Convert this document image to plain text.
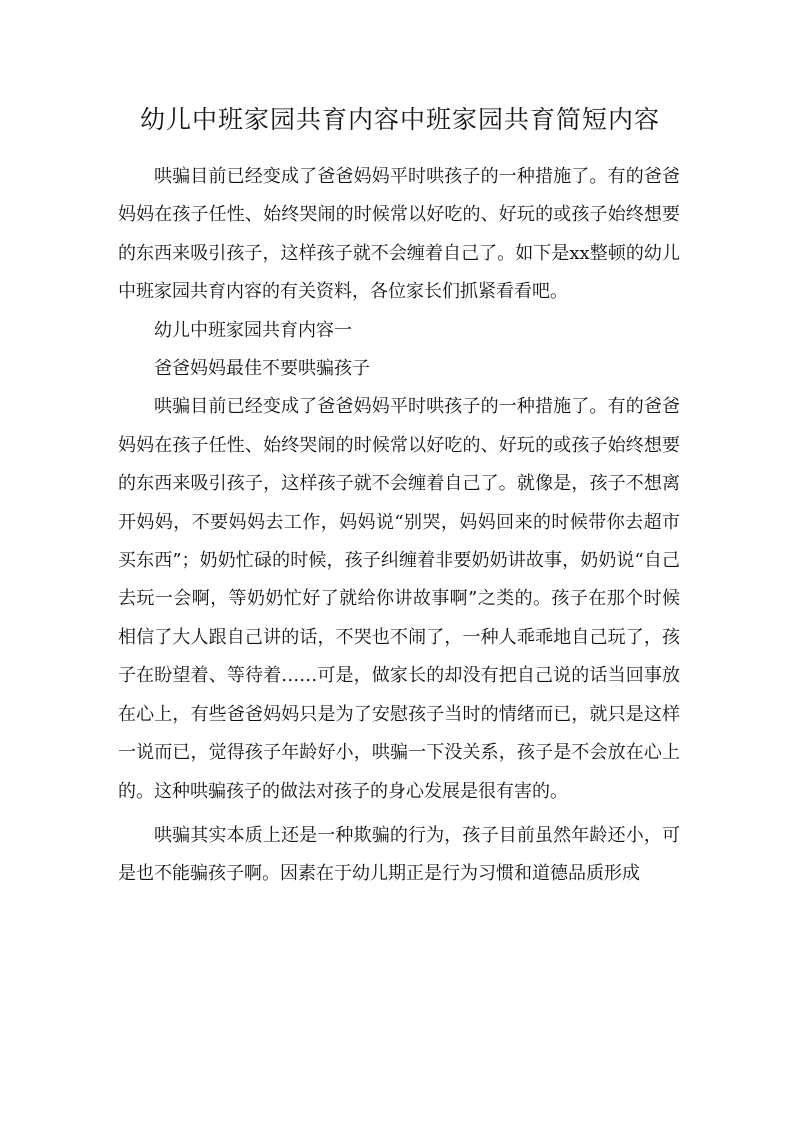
幼儿中班家园共育内容中班家园共育简短内容

哄骗目前已经变成了爸爸妈妈平时哄孩子的一种措施了。有的爸爸妈妈在孩子任性、始终哭闹的时候常以好吃的、好玩的或孩子始终想要的东西来吸引孩子，这样孩子就不会缠着自己了。如下是xx整顿的幼儿中班家园共育内容的有关资料，各位家长们抓紧看看吧。

幼儿中班家园共育内容一

爸爸妈妈最佳不要哄骗孩子

哄骗目前已经变成了爸爸妈妈平时哄孩子的一种措施了。有的爸爸妈妈在孩子任性、始终哭闹的时候常以好吃的、好玩的或孩子始终想要的东西来吸引孩子，这样孩子就不会缠着自己了。就像是，孩子不想离开妈妈，不要妈妈去工作，妈妈说“别哭，妈妈回来的时候带你去超市买东西”；奶奶忙碌的时候，孩子纠缠着非要奶奶讲故事，奶奶说“自己去玩一会啊，等奶奶忙好了就给你讲故事啊”之类的。孩子在那个时候相信了大人跟自己讲的话，不哭也不闹了，一种人乖乖地自己玩了，孩子在盼望着、等待着……可是，做家长的却没有把自己说的话当回事放在心上，有些爸爸妈妈只是为了安慰孩子当时的情绪而已，就只是这样一说而已，觉得孩子年龄好小，哄骗一下没关系，孩子是不会放在心上的。这种哄骗孩子的做法对孩子的身心发展是很有害的。

哄骗其实本质上还是一种欺骗的行为，孩子目前虽然年龄还小，可是也不能骗孩子啊。因素在于幼儿期正是行为习惯和道德品质形成
